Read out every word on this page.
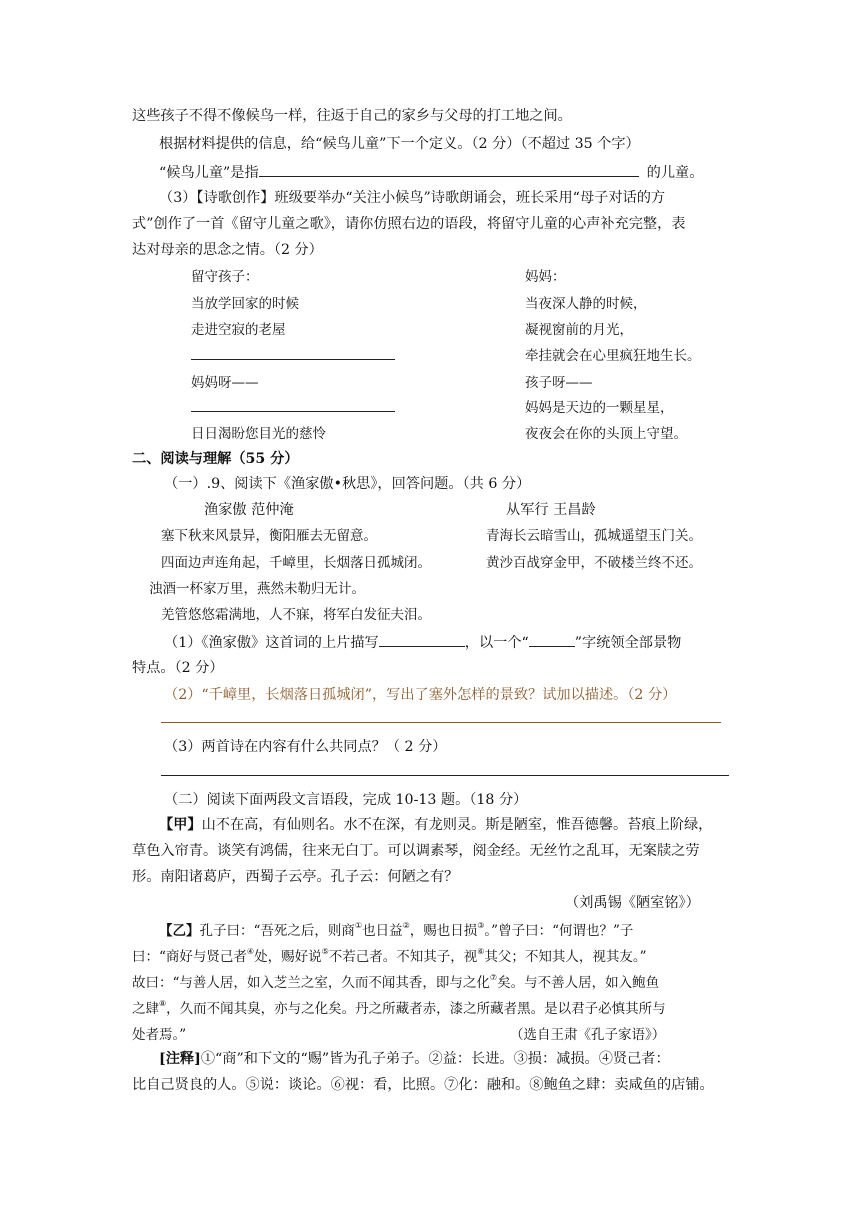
这些孩子不得不像候鸟一样，往返于自己的家乡与父母的打工地之间。
根据材料提供的信息，给“候鸟儿童”下一个定义。（2 分）（不超过 35 个字）
“候鸟儿童”是指	的儿童。
（3）【诗歌创作】班级要举办“关注小候鸟”诗歌朗诵会，班长采用“母子对话的方
式”创作了一首《留守儿童之歌》，请你仿照右边的语段，将留守儿童的心声补充完整，表
达对母亲的思念之情。（2 分）
留守孩子：
当放学回家的时候
走进空寂的老屋
妈妈呀——
日日渴盼您目光的慈怜
妈妈：
当夜深人静的时候，
凝视窗前的月光，
牵挂就会在心里疯狂地生长。
孩子呀——
妈妈是天边的一颗星星，
夜夜会在你的头顶上守望。
二、阅读与理解（55 分）
（一）.9、阅读下《渔家傲•秋思》，回答问题。（共 6 分）
渔家傲 范仲淹	从军行 王昌龄
塞下秋来风景异，衡阳雁去无留意。	青海长云暗雪山，孤城遥望玉门关。
四面边声连角起，千嶂里，长烟落日孤城闭。	黄沙百战穿金甲，不破楼兰终不还。
浊酒一杯家万里，燕然未勒归无计。
羌管悠悠霜满地，人不寐，将军白发征夫泪。
（1）《渔家傲》这首词的上片描写	，以一个“	”字统领全部景物
特点。（2 分）
（2）“千嶂里，长烟落日孤城闭”，写出了塞外怎样的景致？试加以描述。（2 分）
（3）两首诗在内容有什么共同点？（ 2 分）
（二）阅读下面两段文言语段，完成 10-13 题。（18 分）
【甲】山不在高，有仙则名。水不在深，有龙则灵。斯是陋室，惟吾德馨。苔痕上阶绿，
草色入帘青。谈笑有鸿儒，往来无白丁。可以调素琴，阅金经。无丝竹之乱耳，无案牍之劳
形。南阳诸葛庐，西蜀子云亭。孔子云：何陋之有？
（刘禹锡《陋室铭》）
【乙】孔子曰：“吾死之后，则商①也日益②，赐也日损③。”曾子曰：“何谓也？”子
曰：“商好与贤己者④处，赐好说⑤不若己者。不知其子，视⑥其父；不知其人，视其友。”
故曰：“与善人居，如入芝兰之室，久而不闻其香，即与之化⑦矣。与不善人居，如入鲍鱼
之肆⑧，久而不闻其臭，亦与之化矣。丹之所藏者赤，漆之所藏者黑。是以君子必慎其所与
处者焉。”	（选自王肃《孔子家语》）
[注释]①“商”和下文的“赐”皆为孔子弟子。②益：长进。③损：减损。④贤己者：
比自己贤良的人。⑤说：谈论。⑥视：看，比照。⑦化：融和。⑧鲍鱼之肆：卖咸鱼的店铺。
